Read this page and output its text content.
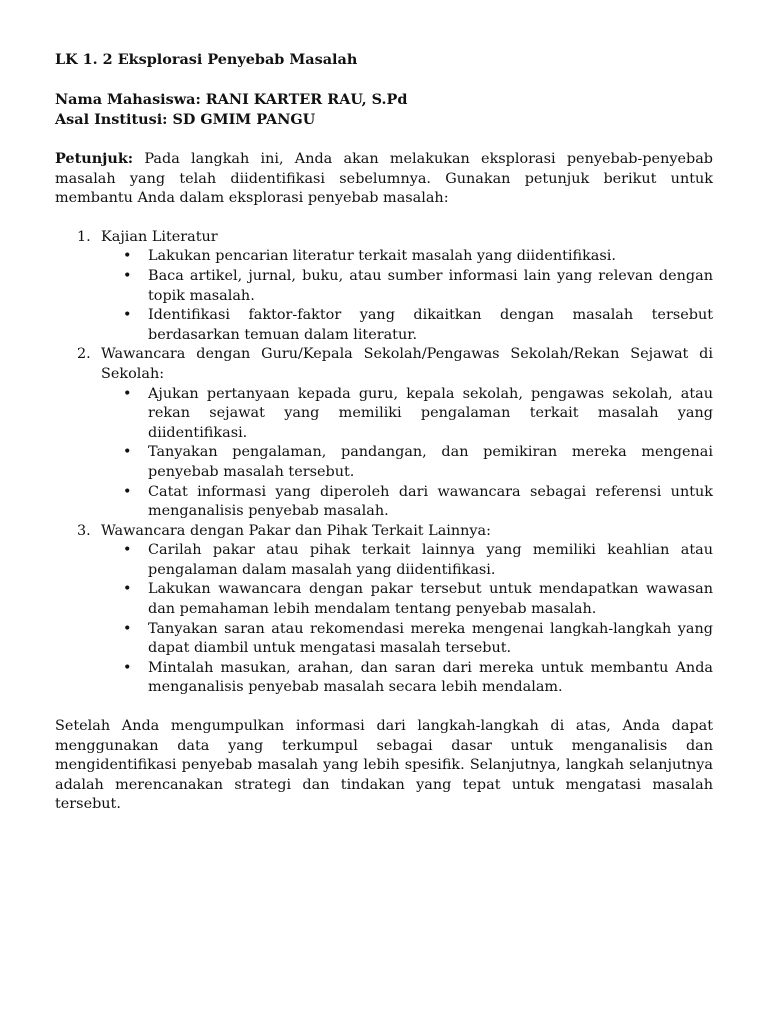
LK 1. 2 Eksplorasi Penyebab Masalah
Nama Mahasiswa: RANI KARTER RAU, S.Pd
Asal Institusi: SD GMIM PANGU
Petunjuk: Pada langkah ini, Anda akan melakukan eksplorasi penyebab-penyebab masalah yang telah diidentifikasi sebelumnya. Gunakan petunjuk berikut untuk membantu Anda dalam eksplorasi penyebab masalah:
1. Kajian Literatur
• Lakukan pencarian literatur terkait masalah yang diidentifikasi.
• Baca artikel, jurnal, buku, atau sumber informasi lain yang relevan dengan topik masalah.
• Identifikasi faktor-faktor yang dikaitkan dengan masalah tersebut berdasarkan temuan dalam literatur.
2. Wawancara dengan Guru/Kepala Sekolah/Pengawas Sekolah/Rekan Sejawat di Sekolah:
• Ajukan pertanyaan kepada guru, kepala sekolah, pengawas sekolah, atau rekan sejawat yang memiliki pengalaman terkait masalah yang diidentifikasi.
• Tanyakan pengalaman, pandangan, dan pemikiran mereka mengenai penyebab masalah tersebut.
• Catat informasi yang diperoleh dari wawancara sebagai referensi untuk menganalisis penyebab masalah.
3. Wawancara dengan Pakar dan Pihak Terkait Lainnya:
• Carilah pakar atau pihak terkait lainnya yang memiliki keahlian atau pengalaman dalam masalah yang diidentifikasi.
• Lakukan wawancara dengan pakar tersebut untuk mendapatkan wawasan dan pemahaman lebih mendalam tentang penyebab masalah.
• Tanyakan saran atau rekomendasi mereka mengenai langkah-langkah yang dapat diambil untuk mengatasi masalah tersebut.
• Mintalah masukan, arahan, dan saran dari mereka untuk membantu Anda menganalisis penyebab masalah secara lebih mendalam.
Setelah Anda mengumpulkan informasi dari langkah-langkah di atas, Anda dapat menggunakan data yang terkumpul sebagai dasar untuk menganalisis dan mengidentifikasi penyebab masalah yang lebih spesifik. Selanjutnya, langkah selanjutnya adalah merencanakan strategi dan tindakan yang tepat untuk mengatasi masalah tersebut.
